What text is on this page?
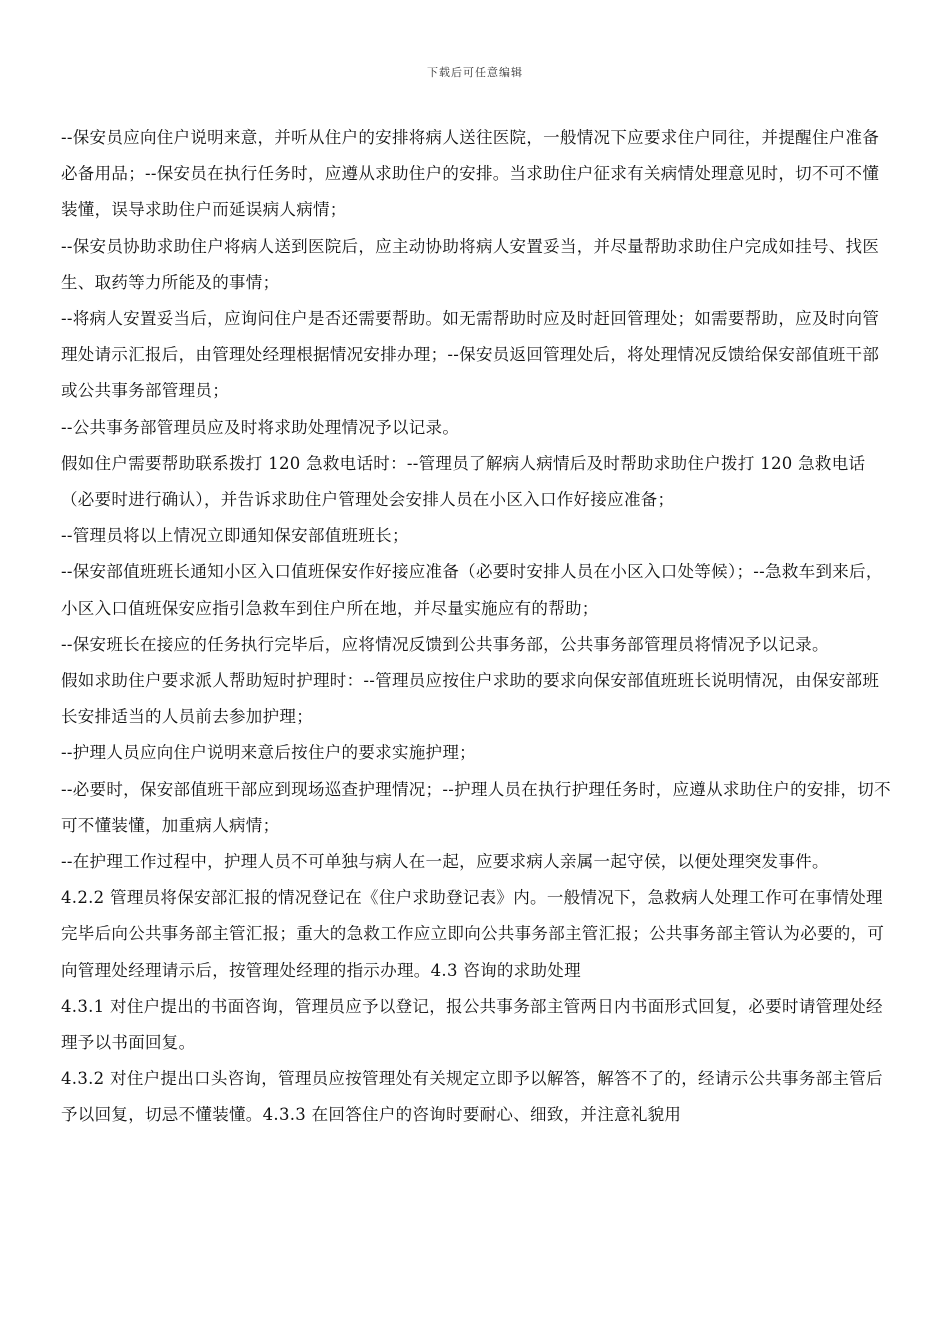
下载后可任意编辑

--保安员应向住户说明来意，并听从住户的安排将病人送往医院，一般情况下应要求住户同往，并提醒住户准备必备用品；--保安员在执行任务时，应遵从求助住户的安排。当求助住户征求有关病情处理意见时，切不可不懂装懂，误导求助住户而延误病人病情；

--保安员协助求助住户将病人送到医院后，应主动协助将病人安置妥当，并尽量帮助求助住户完成如挂号、找医生、取药等力所能及的事情；

--将病人安置妥当后，应询问住户是否还需要帮助。如无需帮助时应及时赶回管理处；如需要帮助，应及时向管理处请示汇报后，由管理处经理根据情况安排办理；--保安员返回管理处后，将处理情况反馈给保安部值班干部或公共事务部管理员；

--公共事务部管理员应及时将求助处理情况予以记录。

假如住户需要帮助联系拨打 120 急救电话时：--管理员了解病人病情后及时帮助求助住户拨打 120 急救电话（必要时进行确认），并告诉求助住户管理处会安排人员在小区入口作好接应准备；

--管理员将以上情况立即通知保安部值班班长；

--保安部值班班长通知小区入口值班保安作好接应准备（必要时安排人员在小区入口处等候）；--急救车到来后，小区入口值班保安应指引急救车到住户所在地，并尽量实施应有的帮助；

--保安班长在接应的任务执行完毕后，应将情况反馈到公共事务部，公共事务部管理员将情况予以记录。

假如求助住户要求派人帮助短时护理时：--管理员应按住户求助的要求向保安部值班班长说明情况，由保安部班长安排适当的人员前去参加护理；

--护理人员应向住户说明来意后按住户的要求实施护理；

--必要时，保安部值班干部应到现场巡查护理情况；--护理人员在执行护理任务时，应遵从求助住户的安排，切不可不懂装懂，加重病人病情；

--在护理工作过程中，护理人员不可单独与病人在一起，应要求病人亲属一起守侯，以便处理突发事件。

4.2.2 管理员将保安部汇报的情况登记在《住户求助登记表》内。一般情况下，急救病人处理工作可在事情处理完毕后向公共事务部主管汇报；重大的急救工作应立即向公共事务部主管汇报；公共事务部主管认为必要的，可向管理处经理请示后，按管理处经理的指示办理。4.3 咨询的求助处理

4.3.1 对住户提出的书面咨询，管理员应予以登记，报公共事务部主管两日内书面形式回复，必要时请管理处经理予以书面回复。

4.3.2 对住户提出口头咨询，管理员应按管理处有关规定立即予以解答，解答不了的，经请示公共事务部主管后予以回复，切忌不懂装懂。4.3.3 在回答住户的咨询时要耐心、细致，并注意礼貌用
